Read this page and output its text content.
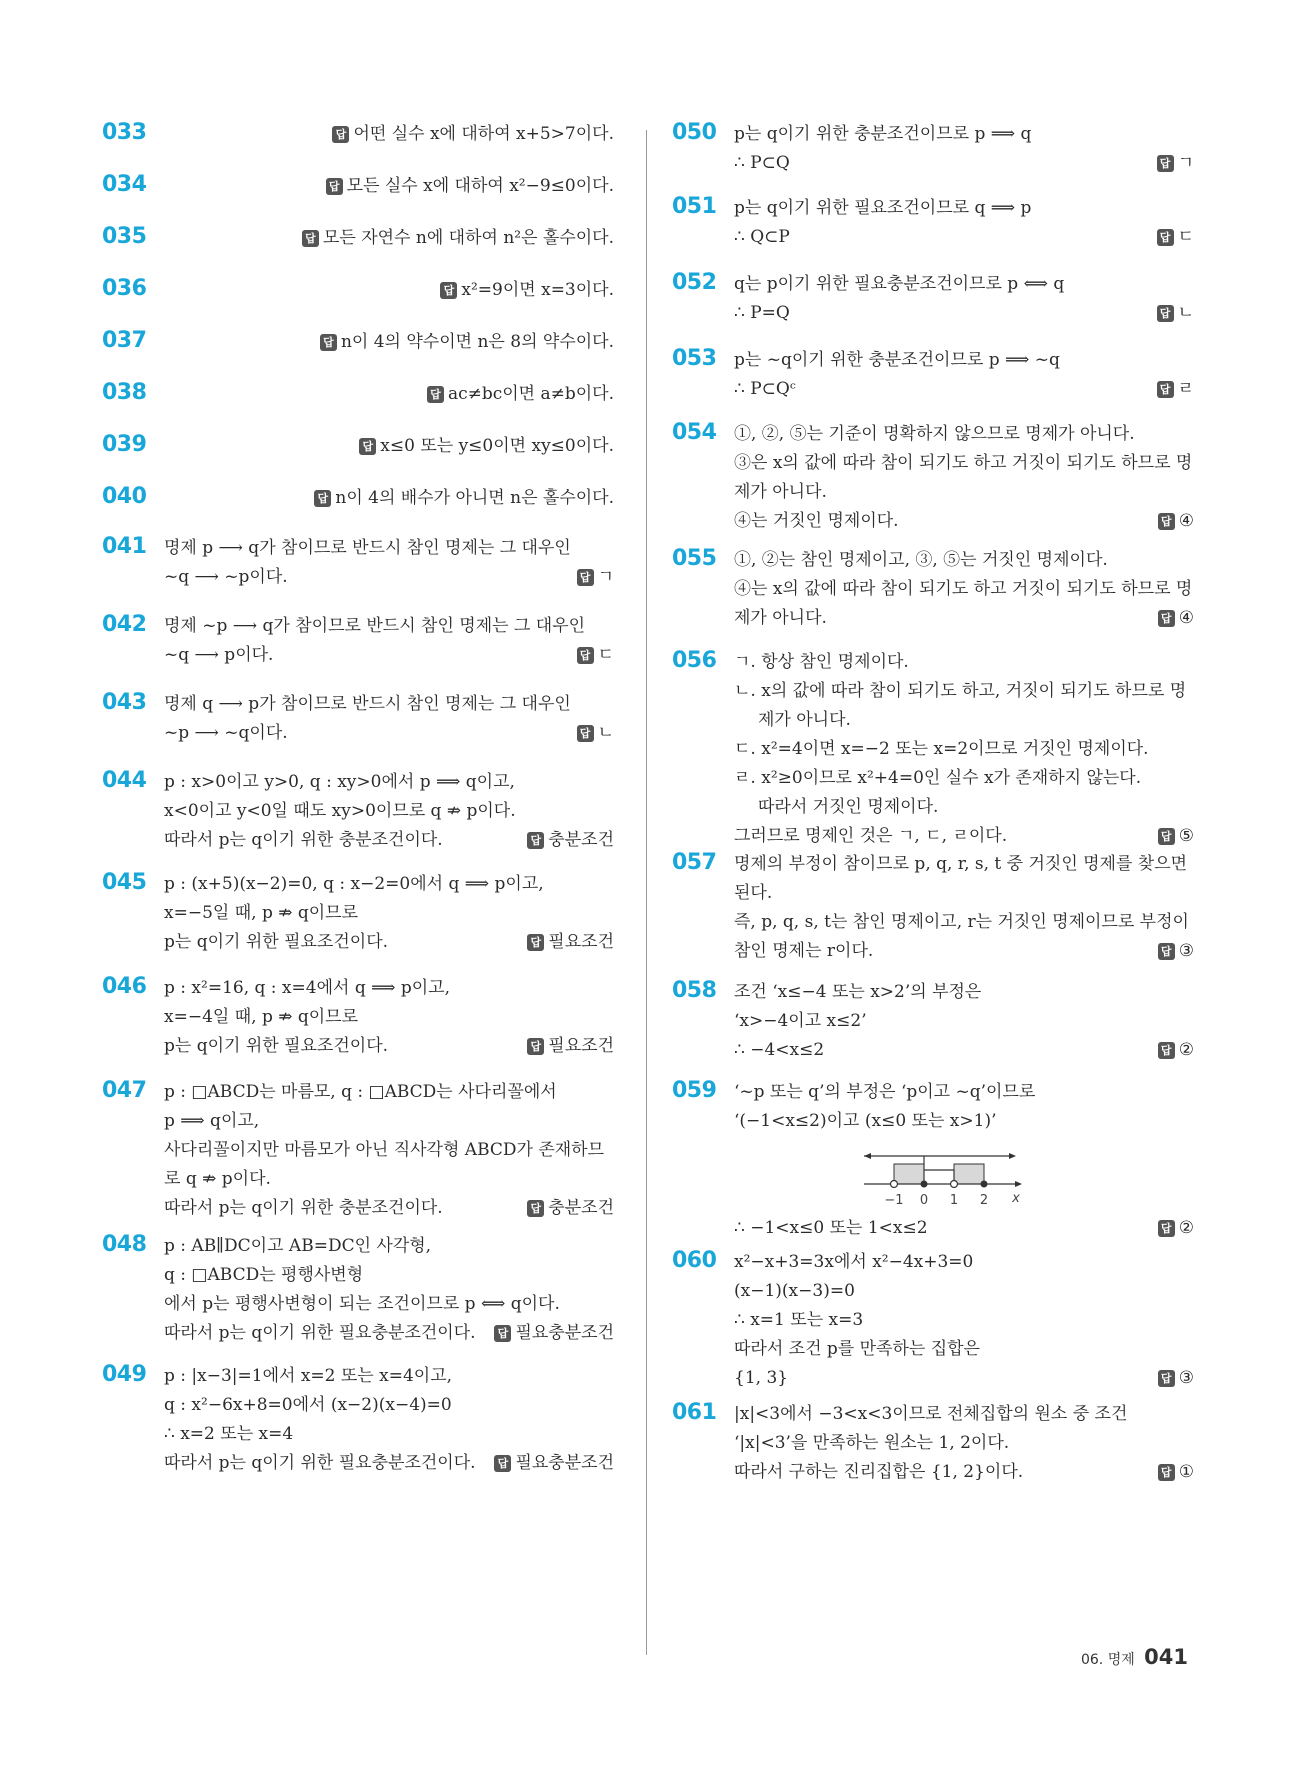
033	답 어떤 실수 x에 대하여 x+5>7이다.
034	답 모든 실수 x에 대하여 x²−9≤0이다.
035	답 모든 자연수 n에 대하여 n²은 홀수이다.
036	답 x²=9이면 x=3이다.
037	답 n이 4의 약수이면 n은 8의 약수이다.
038	답 ac≠bc이면 a≠b이다.
039	답 x≤0 또는 y≤0이면 xy≤0이다.
040	답 n이 4의 배수가 아니면 n은 홀수이다.
041 명제 p ⟶ q가 참이므로 반드시 참인 명제는 그 대우인
답 ㄱ
~q ⟶ ~p이다.
042 명제 ~p ⟶ q가 참이므로 반드시 참인 명제는 그 대우인
답 ㄷ
~q ⟶ p이다.
043 명제 q ⟶ p가 참이므로 반드시 참인 명제는 그 대우인
답 ㄴ
~p ⟶ ~q이다.
044 p : x>0이고 y>0, q : xy>0에서 p ⟹ q이고,
x<0이고 y<0일 때도 xy>0이므로 q ⇏ p이다.
답 충분조건
따라서 p는 q이기 위한 충분조건이다.
045 p : (x+5)(x−2)=0, q : x−2=0에서 q ⟹ p이고,
x=−5일 때, p ⇏ q이므로
답 필요조건
p는 q이기 위한 필요조건이다.
046 p : x²=16, q : x=4에서 q ⟹ p이고,
x=−4일 때, p ⇏ q이므로
답 필요조건
p는 q이기 위한 필요조건이다.
047 p : □ABCD는 마름모, q : □ABCD는 사다리꼴에서
p ⟹ q이고,
사다리꼴이지만 마름모가 아닌 직사각형 ABCD가 존재하므
로 q ⇏ p이다.
답 충분조건
따라서 p는 q이기 위한 충분조건이다.
048 p : AB∥DC이고 AB=DC인 사각형,
q : □ABCD는 평행사변형
에서 p는 평행사변형이 되는 조건이므로 p ⟺ q이다.
답 필요충분조건
따라서 p는 q이기 위한 필요충분조건이다.
049 p : |x−3|=1에서 x=2 또는 x=4이고,
q : x²−6x+8=0에서 (x−2)(x−4)=0
∴ x=2 또는 x=4
답 필요충분조건
따라서 p는 q이기 위한 필요충분조건이다.
050 p는 q이기 위한 충분조건이므로 p ⟹ q
답 ㄱ
∴ P⊂Q
051 p는 q이기 위한 필요조건이므로 q ⟹ p
답 ㄷ
∴ Q⊂P
052 q는 p이기 위한 필요충분조건이므로 p ⟺ q
답 ㄴ
∴ P=Q
053 p는 ~q이기 위한 충분조건이므로 p ⟹ ~q
답 ㄹ
∴ P⊂Qᶜ
054 ①, ②, ⑤는 기준이 명확하지 않으므로 명제가 아니다.
③은 x의 값에 따라 참이 되기도 하고 거짓이 되기도 하므로 명
제가 아니다.
답 ④
④는 거짓인 명제이다.
055 ①, ②는 참인 명제이고, ③, ⑤는 거짓인 명제이다.
④는 x의 값에 따라 참이 되기도 하고 거짓이 되기도 하므로 명
답 ④
제가 아니다.
056 ㄱ. 항상 참인 명제이다.
ㄴ. x의 값에 따라 참이 되기도 하고, 거짓이 되기도 하므로 명
제가 아니다.
ㄷ. x²=4이면 x=−2 또는 x=2이므로 거짓인 명제이다.
ㄹ. x²≥0이므로 x²+4=0인 실수 x가 존재하지 않는다.
따라서 거짓인 명제이다.
답 ⑤
그러므로 명제인 것은 ㄱ, ㄷ, ㄹ이다.
057 명제의 부정이 참이므로 p, q, r, s, t 중 거짓인 명제를 찾으면
된다.
즉, p, q, s, t는 참인 명제이고, r는 거짓인 명제이므로 부정이
답 ③
참인 명제는 r이다.
058 조건 ‘x≤−4 또는 x>2’의 부정은
‘x>−4이고 x≤2’
답 ②
∴ −4<x≤2
059 ‘~p 또는 q’의 부정은 ‘p이고 ~q’이므로
‘(−1<x≤2)이고 (x≤0 또는 x>1)’
−1 0 1 2 x
답 ②
∴ −1<x≤0 또는 1<x≤2
060 x²−x+3=3x에서 x²−4x+3=0
(x−1)(x−3)=0
∴ x=1 또는 x=3
따라서 조건 p를 만족하는 집합은
답 ③
{1, 3}
061 |x|<3에서 −3<x<3이므로 전체집합의 원소 중 조건
‘|x|<3’을 만족하는 원소는 1, 2이다.
답 ①
따라서 구하는 진리집합은 {1, 2}이다.
06. 명제 041
